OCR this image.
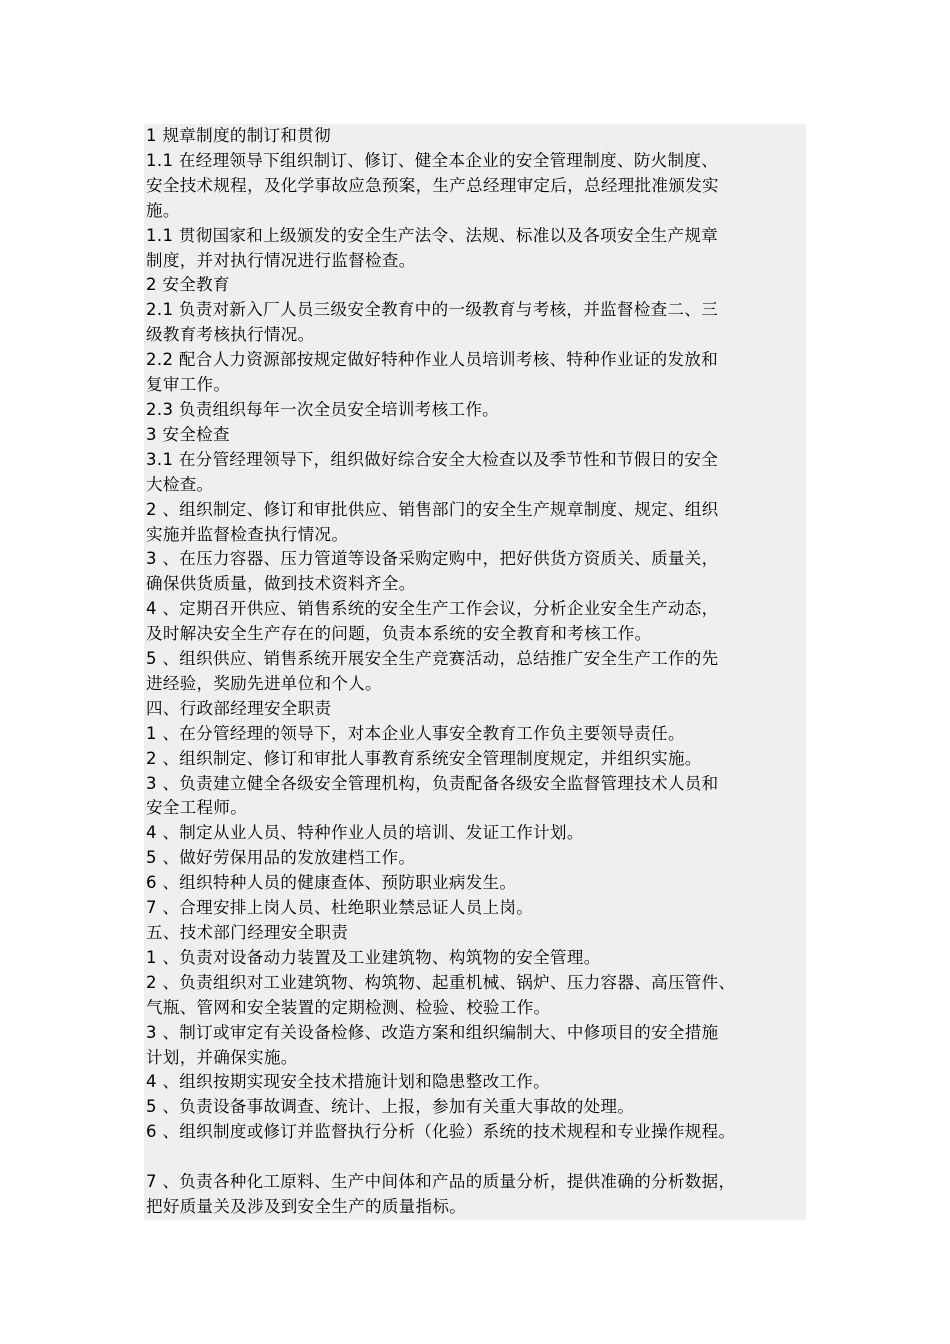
1 规章制度的制订和贯彻
1.1 在经理领导下组织制订、修订、健全本企业的安全管理制度、防火制度、
安全技术规程，及化学事故应急预案，生产总经理审定后，总经理批准颁发实
施。
1.1 贯彻国家和上级颁发的安全生产法令、法规、标准以及各项安全生产规章
制度，并对执行情况进行监督检查。
2 安全教育
2.1 负责对新入厂人员三级安全教育中的一级教育与考核，并监督检查二、三
级教育考核执行情况。
2.2 配合人力资源部按规定做好特种作业人员培训考核、特种作业证的发放和
复审工作。
2.3 负责组织每年一次全员安全培训考核工作。
3 安全检查
3.1 在分管经理领导下，组织做好综合安全大检查以及季节性和节假日的安全
大检查。
2 、组织制定、修订和审批供应、销售部门的安全生产规章制度、规定、组织
实施并监督检查执行情况。
3 、在压力容器、压力管道等设备采购定购中，把好供货方资质关、质量关，
确保供货质量，做到技术资料齐全。
4 、定期召开供应、销售系统的安全生产工作会议，分析企业安全生产动态，
及时解决安全生产存在的问题，负责本系统的安全教育和考核工作。
5 、组织供应、销售系统开展安全生产竞赛活动，总结推广安全生产工作的先
进经验，奖励先进单位和个人。
四、行政部经理安全职责
1 、在分管经理的领导下，对本企业人事安全教育工作负主要领导责任。
2 、组织制定、修订和审批人事教育系统安全管理制度规定，并组织实施。
3 、负责建立健全各级安全管理机构，负责配备各级安全监督管理技术人员和
安全工程师。
4 、制定从业人员、特种作业人员的培训、发证工作计划。
5 、做好劳保用品的发放建档工作。
6 、组织特种人员的健康查体、预防职业病发生。
7 、合理安排上岗人员、杜绝职业禁忌证人员上岗。
五、技术部门经理安全职责
1 、负责对设备动力装置及工业建筑物、构筑物的安全管理。
2 、负责组织对工业建筑物、构筑物、起重机械、锅炉、压力容器、高压管件、
气瓶、管网和安全装置的定期检测、检验、校验工作。
3 、制订或审定有关设备检修、改造方案和组织编制大、中修项目的安全措施
计划，并确保实施。
4 、组织按期实现安全技术措施计划和隐患整改工作。
5 、负责设备事故调查、统计、上报，参加有关重大事故的处理。
6 、组织制度或修订并监督执行分析（化验）系统的技术规程和专业操作规程。
7 、负责各种化工原料、生产中间体和产品的质量分析，提供准确的分析数据，
把好质量关及涉及到安全生产的质量指标。
